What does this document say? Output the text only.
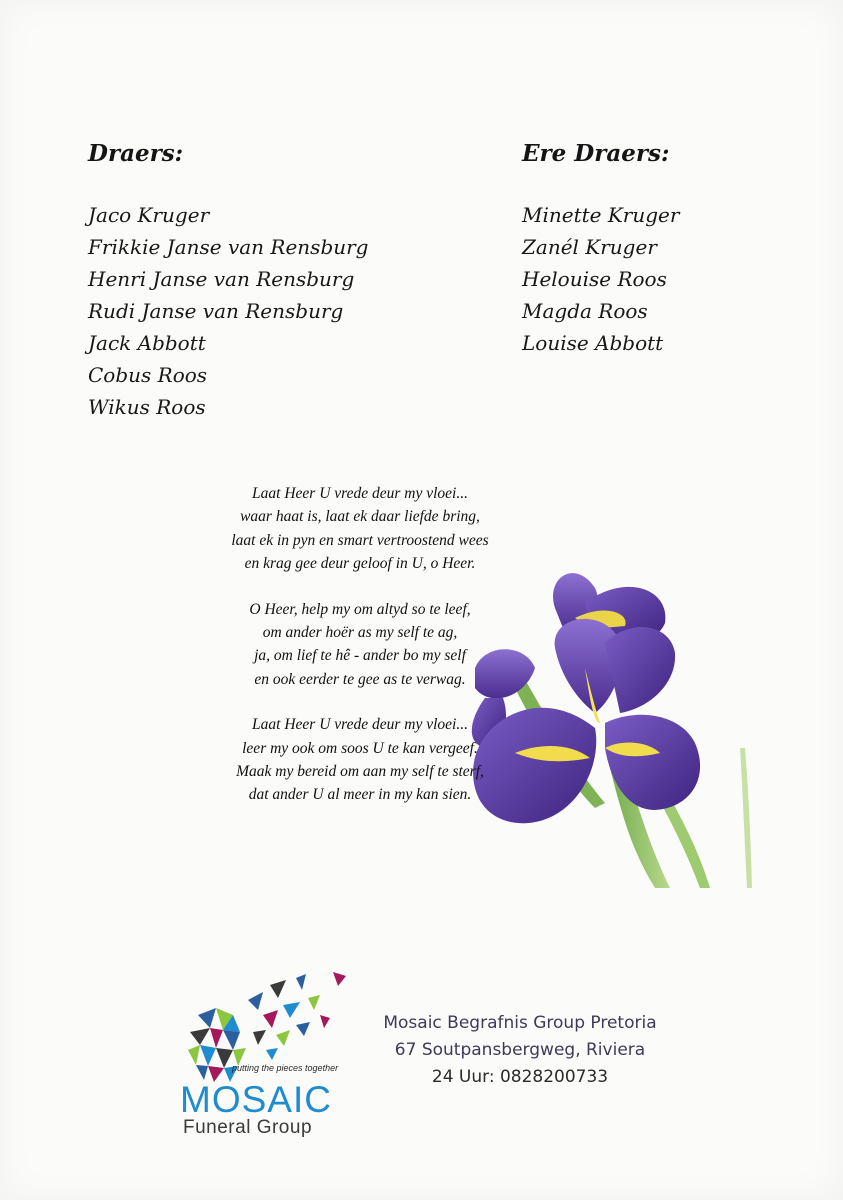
Draers:
Jaco Kruger
Frikkie Janse van Rensburg
Henri Janse van Rensburg
Rudi Janse van Rensburg
Jack Abbott
Cobus Roos
Wikus Roos
Ere Draers:
Minette Kruger
Zanél Kruger
Helouise Roos
Magda Roos
Louise Abbott
Laat Heer U vrede deur my vloei...
waar haat is, laat ek daar liefde bring,
laat ek in pyn en smart vertroostend wees
en krag gee deur geloof in U, o Heer.
O Heer, help my om altyd so te leef,
om ander hoër as my self te ag,
ja, om lief te hê - ander bo my self
en ook eerder te gee as te verwag.
Laat Heer U vrede deur my vloei...
leer my ook om soos U te kan vergeef.
Maak my bereid om aan my self te sterf,
dat ander U al meer in my kan sien.
putting the pieces together
MOSAIC
Funeral Group
Mosaic Begrafnis Group Pretoria
67 Soutpansbergweg, Riviera
24 Uur: 0828200733
